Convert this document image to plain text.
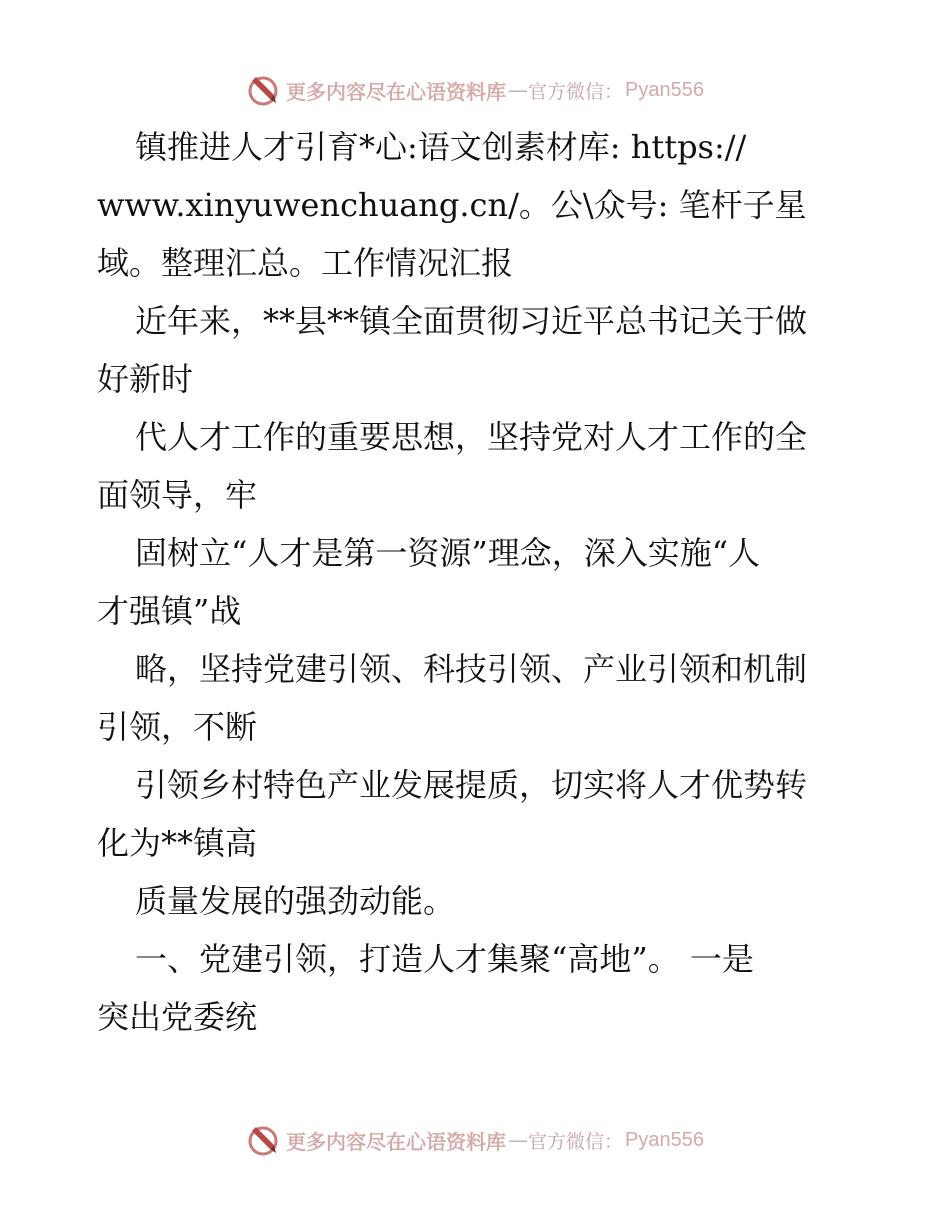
更多内容尽在心语资料库 — 官方微信： Pyan556

镇推进人才引育*心:语文创素材库: https://

www.xinyuwenchuang.cn/。公\众号: 笔杆子星

域。整理汇总。工作情况汇报

近年来，**县**镇全面贯彻习近平总书记关于做

好新时

代人才工作的重要思想，坚持党对人才工作的全

面领导，牢

固树立“人才是第一资源”理念，深入实施“人

才强镇”战

略，坚持党建引领、科技引领、产业引领和机制

引领，不断

引领乡村特色产业发展提质，切实将人才优势转

化为**镇高

质量发展的强劲动能。

一、党建引领，打造人才集聚“高地”。 一是

突出党委统

更多内容尽在心语资料库 — 官方微信： Pyan556
